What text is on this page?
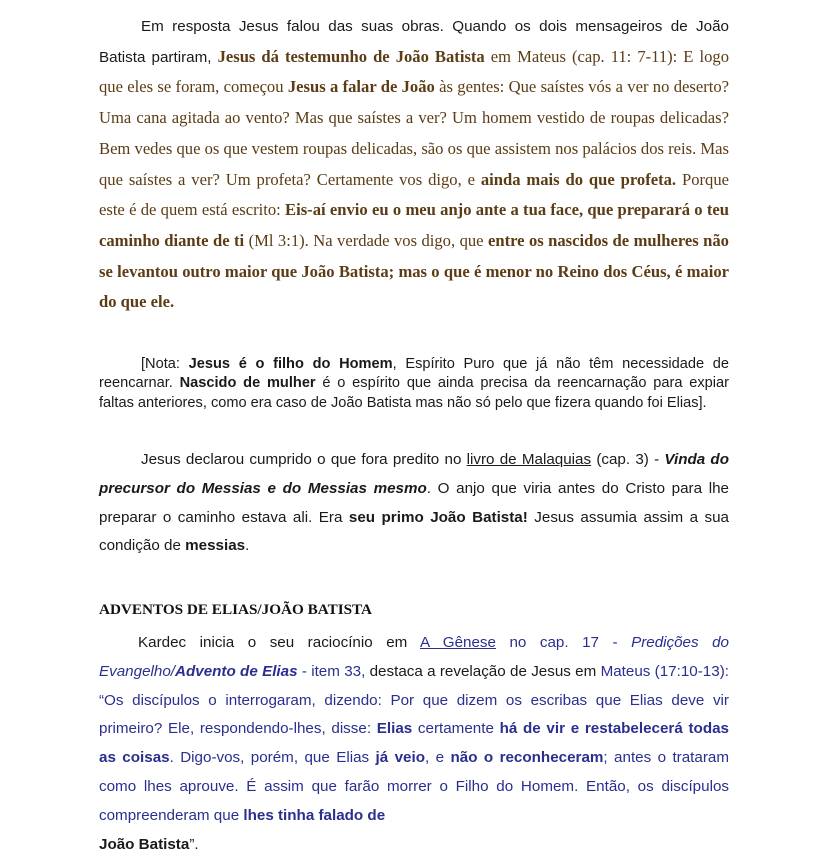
Em resposta Jesus falou das suas obras. Quando os dois mensageiros de João Batista partiram, Jesus dá testemunho de João Batista em Mateus (cap. 11: 7-11): E logo que eles se foram, começou Jesus a falar de João às gentes: Que saístes vós a ver no deserto? Uma cana agitada ao vento? Mas que saístes a ver? Um homem vestido de roupas delicadas? Bem vedes que os que vestem roupas delicadas, são os que assistem nos palácios dos reis. Mas que saístes a ver? Um profeta? Certamente vos digo, e ainda mais do que profeta. Porque este é de quem está escrito: Eis-aí envio eu o meu anjo ante a tua face, que preparará o teu caminho diante de ti (Ml 3:1). Na verdade vos digo, que entre os nascidos de mulheres não se levantou outro maior que João Batista; mas o que é menor no Reino dos Céus, é maior do que ele.

[Nota: Jesus é o filho do Homem, Espírito Puro que já não têm necessidade de reencarnar. Nascido de mulher é o espírito que ainda precisa da reencarnação para expiar faltas anteriores, como era caso de João Batista mas não só pelo que fizera quando foi Elias].

Jesus declarou cumprido o que fora predito no livro de Malaquias (cap. 3) - Vinda do precursor do Messias e do Messias mesmo. O anjo que viria antes do Cristo para lhe preparar o caminho estava ali. Era seu primo João Batista! Jesus assumia assim a sua condição de messias.

ADVENTOS DE ELIAS/JOÃO BATISTA

Kardec inicia o seu raciocínio em A Gênese no cap. 17 - Predições do Evangelho/Advento de Elias - item 33, destaca a revelação de Jesus em Mateus (17:10-13): “Os discípulos o interrogaram, dizendo: Por que dizem os escribas que Elias deve vir primeiro? Ele, respondendo-lhes, disse: Elias certamente há de vir e restabelecerá todas as coisas. Digo-vos, porém, que Elias já veio, e não o reconheceram; antes o trataram como lhes aprouve. É assim que farão morrer o Filho do Homem. Então, os discípulos compreenderam que lhes tinha falado de
João Batista”.
